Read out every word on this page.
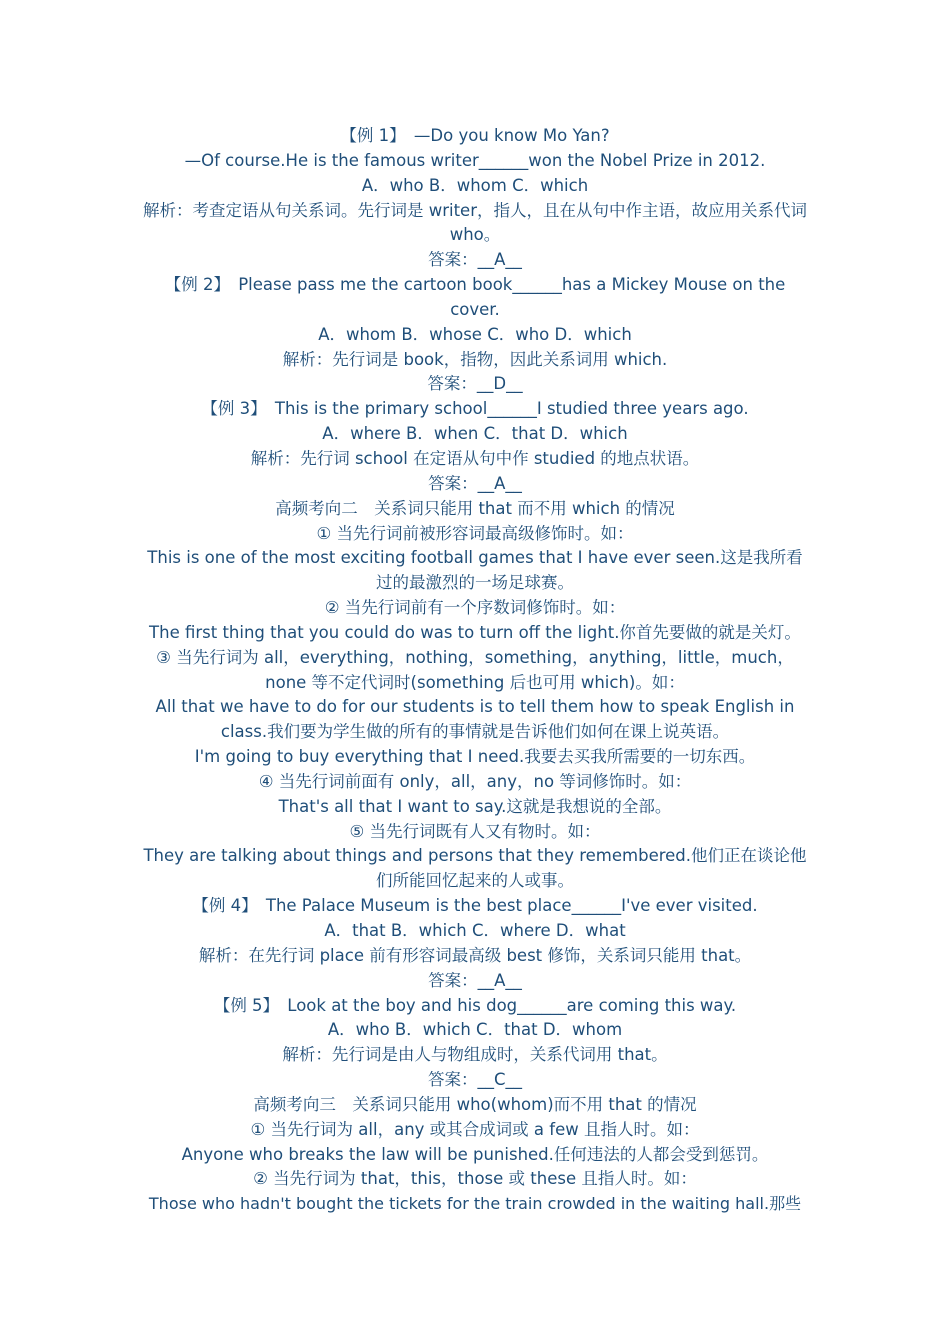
【例 1】　—Do you know Mo Yan?
—Of course.He is the famous writer______won the Nobel Prize in 2012.
A．who B．whom C．which
解析：考查定语从句关系词。先行词是 writer，指人，且在从句中作主语，故应用关系代词 who。
答案：__A__
【例 2】　Please pass me the cartoon book______has a Mickey Mouse on the cover.
A．whom B．whose C．who D．which
解析：先行词是 book，指物，因此关系词用 which.
答案：__D__
【例 3】　This is the primary school______I studied three years ago.
A．where B．when C．that D．which
解析：先行词 school 在定语从句中作 studied 的地点状语。
答案：__A__
高频考向二　关系词只能用 that 而不用 which 的情况
① 当先行词前被形容词最高级修饰时。如：
This is one of the most exciting football games that I have ever seen.这是我所看过的最激烈的一场足球赛。
② 当先行词前有一个序数词修饰时。如：
The first thing that you could do was to turn off the light.你首先要做的就是关灯。
③ 当先行词为 all，everything，nothing，something，anything，little，much，none 等不定代词时(something 后也可用 which)。如：
All that we have to do for our students is to tell them how to speak English in class.我们要为学生做的所有的事情就是告诉他们如何在课上说英语。
I'm going to buy everything that I need.我要去买我所需要的一切东西。
④ 当先行词前面有 only，all，any，no 等词修饰时。如：
That's all that I want to say.这就是我想说的全部。
⑤ 当先行词既有人又有物时。如：
They are talking about things and persons that they remembered.他们正在谈论他们所能回忆起来的人或事。
【例 4】　The Palace Museum is the best place______I've ever visited.
A．that B．which C．where D．what
解析：在先行词 place 前有形容词最高级 best 修饰，关系词只能用 that。
答案：__A__
【例 5】　Look at the boy and his dog______are coming this way.
A．who B．which C．that D．whom
解析：先行词是由人与物组成时，关系代词用 that。
答案：__C__
高频考向三　关系词只能用 who(whom)而不用 that 的情况
① 当先行词为 all，any 或其合成词或 a few 且指人时。如：
Anyone who breaks the law will be punished.任何违法的人都会受到惩罚。
② 当先行词为 that，this，those 或 these 且指人时。如：
Those who hadn't bought the tickets for the train crowded in the waiting hall.那些
